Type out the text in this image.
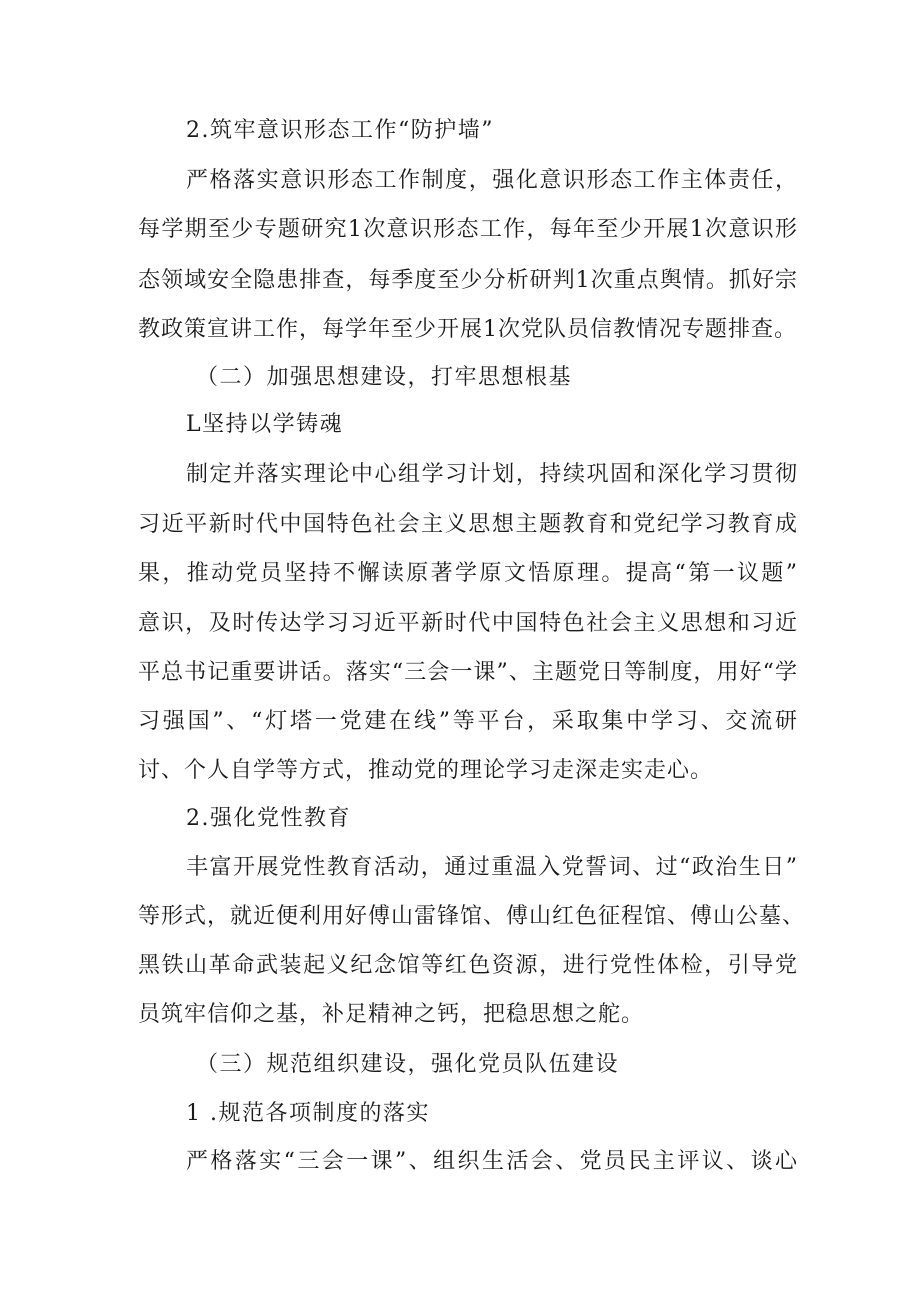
2.筑牢意识形态工作“防护墙”
严格落实意识形态工作制度，强化意识形态工作主体责任，
每学期至少专题研究1次意识形态工作，每年至少开展1次意识形
态领域安全隐患排查，每季度至少分析研判1次重点舆情。抓好宗
教政策宣讲工作，每学年至少开展1次党队员信教情况专题排查。
（二）加强思想建设，打牢思想根基
L坚持以学铸魂
制定并落实理论中心组学习计划，持续巩固和深化学习贯彻
习近平新时代中国特色社会主义思想主题教育和党纪学习教育成
果，推动党员坚持不懈读原著学原文悟原理。提高“第一议题”
意识，及时传达学习习近平新时代中国特色社会主义思想和习近
平总书记重要讲话。落实“三会一课”、主题党日等制度，用好“学
习强国”、“灯塔一党建在线”等平台，采取集中学习、交流研
讨、个人自学等方式，推动党的理论学习走深走实走心。
2.强化党性教育
丰富开展党性教育活动，通过重温入党誓词、过“政治生日”
等形式，就近便利用好傅山雷锋馆、傅山红色征程馆、傅山公墓、
黑铁山革命武装起义纪念馆等红色资源，进行党性体检，引导党
员筑牢信仰之基，补足精神之钙，把稳思想之舵。
（三）规范组织建设，强化党员队伍建设
1 .规范各项制度的落实
严格落实“三会一课”、组织生活会、党员民主评议、谈心
